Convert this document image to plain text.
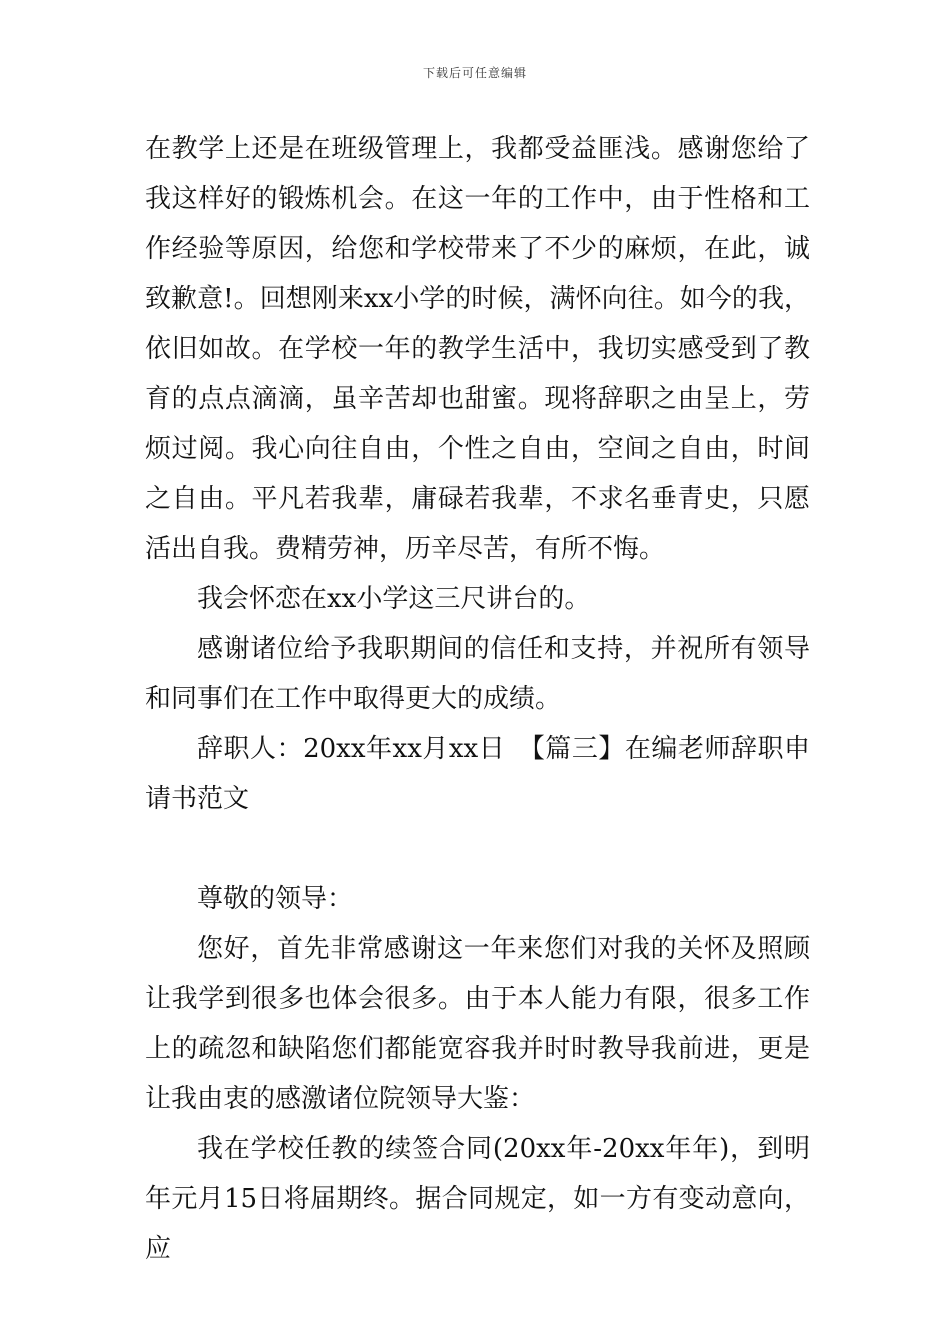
下载后可任意编辑

在教学上还是在班级管理上，我都受益匪浅。感谢您给了我这样好的锻炼机会。在这一年的工作中，由于性格和工作经验等原因，给您和学校带来了不少的麻烦，在此，诚致歉意!。回想刚来xx小学的时候，满怀向往。如今的我，依旧如故。在学校一年的教学生活中，我切实感受到了教育的点点滴滴，虽辛苦却也甜蜜。现将辞职之由呈上，劳烦过阅。我心向往自由，个性之自由，空间之自由，时间之自由。平凡若我辈，庸碌若我辈，不求名垂青史，只愿活出自我。费精劳神，历辛尽苦，有所不悔。

我会怀恋在xx小学这三尺讲台的。

感谢诸位给予我职期间的信任和支持，并祝所有领导和同事们在工作中取得更大的成绩。

辞职人：20xx年xx月xx日　【篇三】在编老师辞职申请书范文

尊敬的领导：

您好，首先非常感谢这一年来您们对我的关怀及照顾让我学到很多也体会很多。由于本人能力有限，很多工作上的疏忽和缺陷您们都能宽容我并时时教导我前进，更是让我由衷的感激诸位院领导大鉴：

我在学校任教的续签合同(20xx年-20xx年年)，到明年元月15日将届期终。据合同规定，如一方有变动意向，应
